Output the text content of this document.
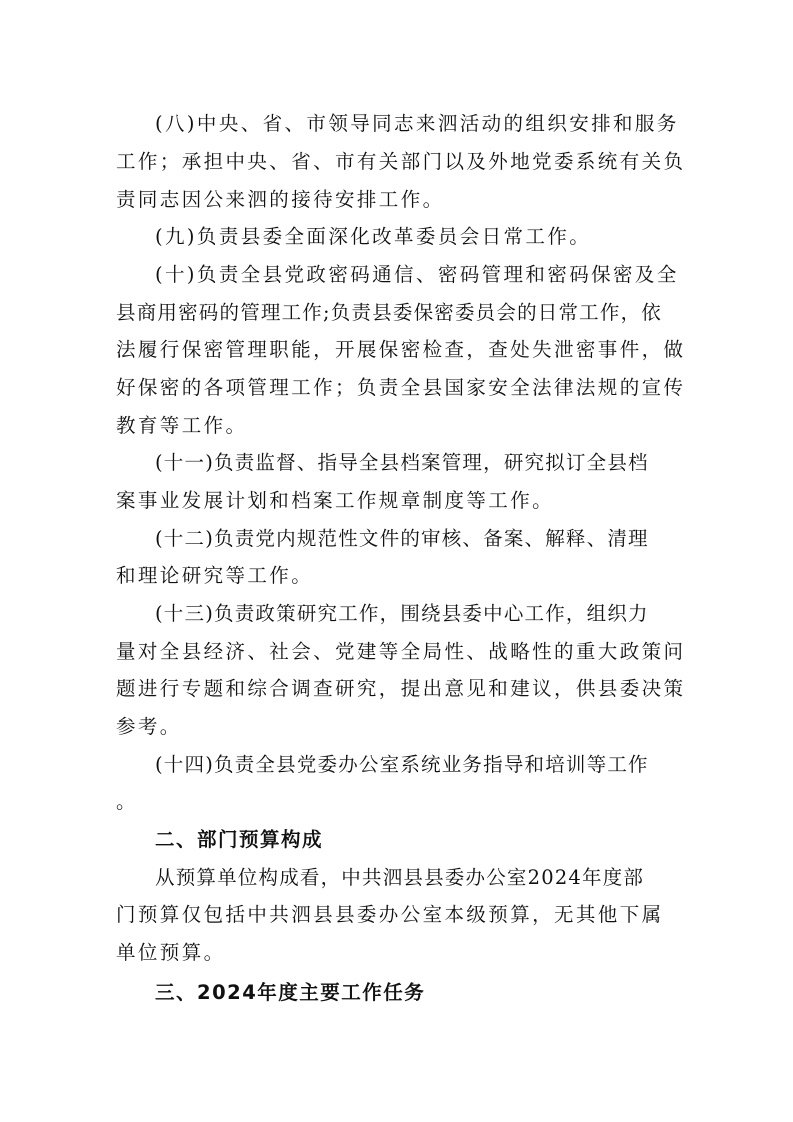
(八)中央、省、市领导同志来泗活动的组织安排和服务
工作；承担中央、省、市有关部门以及外地党委系统有关负
责同志因公来泗的接待安排工作。
(九)负责县委全面深化改革委员会日常工作。
(十)负责全县党政密码通信、密码管理和密码保密及全
县商用密码的管理工作;负责县委保密委员会的日常工作，依
法履行保密管理职能，开展保密检查，查处失泄密事件，做
好保密的各项管理工作；负责全县国家安全法律法规的宣传
教育等工作。
(十一)负责监督、指导全县档案管理，研究拟订全县档
案事业发展计划和档案工作规章制度等工作。
(十二)负责党内规范性文件的审核、备案、解释、清理
和理论研究等工作。
(十三)负责政策研究工作，围绕县委中心工作，组织力
量对全县经济、社会、党建等全局性、战略性的重大政策问
题进行专题和综合调查研究，提出意见和建议，供县委决策
参考。
(十四)负责全县党委办公室系统业务指导和培训等工作
。
二、部门预算构成
从预算单位构成看，中共泗县县委办公室2024年度部
门预算仅包括中共泗县县委办公室本级预算，无其他下属
单位预算。
三、2024年度主要工作任务
